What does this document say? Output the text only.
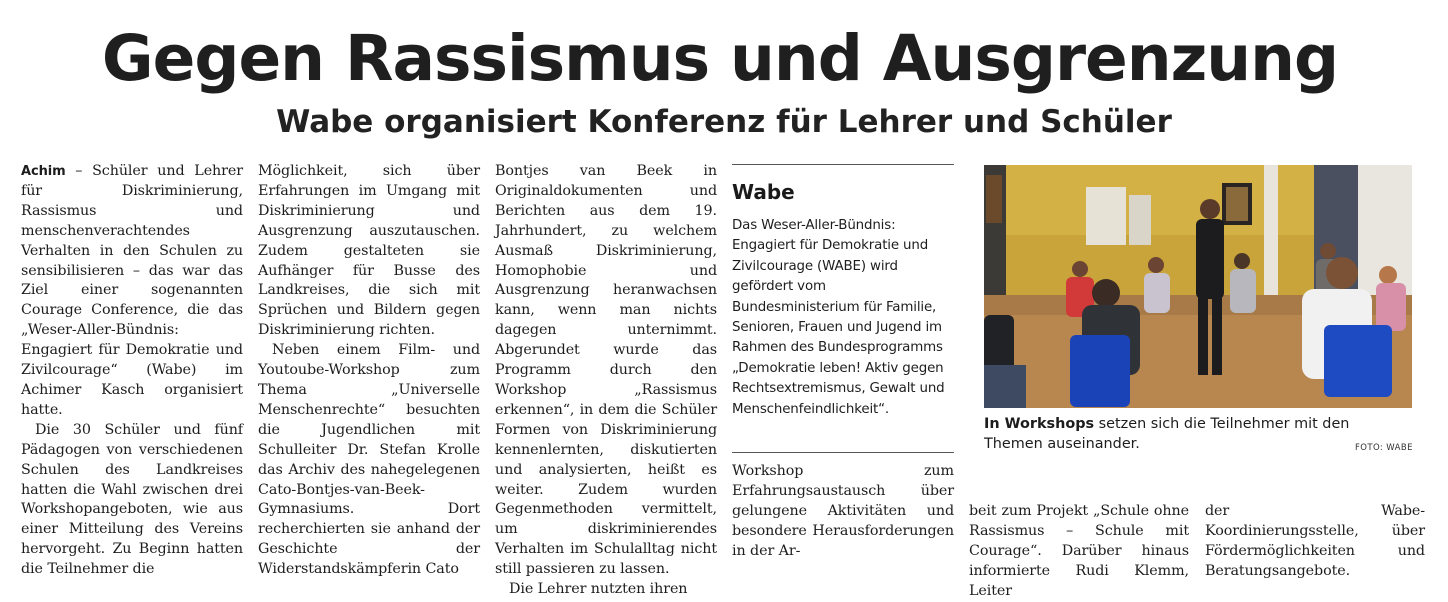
Gegen Rassismus und Ausgrenzung
Wabe organisiert Konferenz für Lehrer und Schüler

Achim – Schüler und Lehrer für Diskriminierung, Rassismus und menschenverachtendes Verhalten in den Schulen zu sensibilisieren – das war das Ziel einer sogenannten Courage Conference, die das „Weser-Aller-Bündnis: Engagiert für Demokratie und Zivilcourage“ (Wabe) im Achimer Kasch organisiert hatte.

Die 30 Schüler und fünf Pädagogen von verschiedenen Schulen des Landkreises hatten die Wahl zwischen drei Workshopangeboten, wie aus einer Mitteilung des Vereins hervorgeht. Zu Beginn hatten die Teilnehmer die

Möglichkeit, sich über Erfahrungen im Umgang mit Diskriminierung und Ausgrenzung auszutauschen. Zudem gestalteten sie Aufhänger für Busse des Landkreises, die sich mit Sprüchen und Bildern gegen Diskriminierung richten.

Neben einem Film- und Youtoube-Workshop zum Thema „Universelle Menschenrechte“ besuchten die Jugendlichen mit Schulleiter Dr. Stefan Krolle das Archiv des nahegelegenen Cato-Bontjes-van-Beek-Gymnasiums. Dort recherchierten sie anhand der Geschichte der Widerstandskämpferin Cato

Bontjes van Beek in Originaldokumenten und Berichten aus dem 19. Jahrhundert, zu welchem Ausmaß Diskriminierung, Homophobie und Ausgrenzung heranwachsen kann, wenn man nichts dagegen unternimmt. Abgerundet wurde das Programm durch den Workshop „Rassismus erkennen“, in dem die Schüler Formen von Diskriminierung kennenlernten, diskutierten und analysierten, heißt es weiter. Zudem wurden Gegenmethoden vermittelt, um diskriminierendes Verhalten im Schulalltag nicht still passieren zu lassen.

Die Lehrer nutzten ihren

Wabe
Das Weser-Aller-Bündnis: Engagiert für Demokratie und Zivilcourage (WABE) wird gefördert vom Bundesministerium für Familie, Senioren, Frauen und Jugend im Rahmen des Bundesprogramms „Demokratie leben! Aktiv gegen Rechtsextremismus, Gewalt und Menschenfeindlichkeit“.
In Workshops setzen sich die Teilnehmer mit den Themen auseinander.	FOTO: WABE

Workshop zum Erfahrungsaustausch über gelungene Aktivitäten und besondere Herausforderungen in der Ar-

beit zum Projekt „Schule ohne Rassismus – Schule mit Courage“. Darüber hinaus informierte Rudi Klemm, Leiter

der Wabe-Koordinierungsstelle, über Fördermöglichkeiten und Beratungsangebote.
